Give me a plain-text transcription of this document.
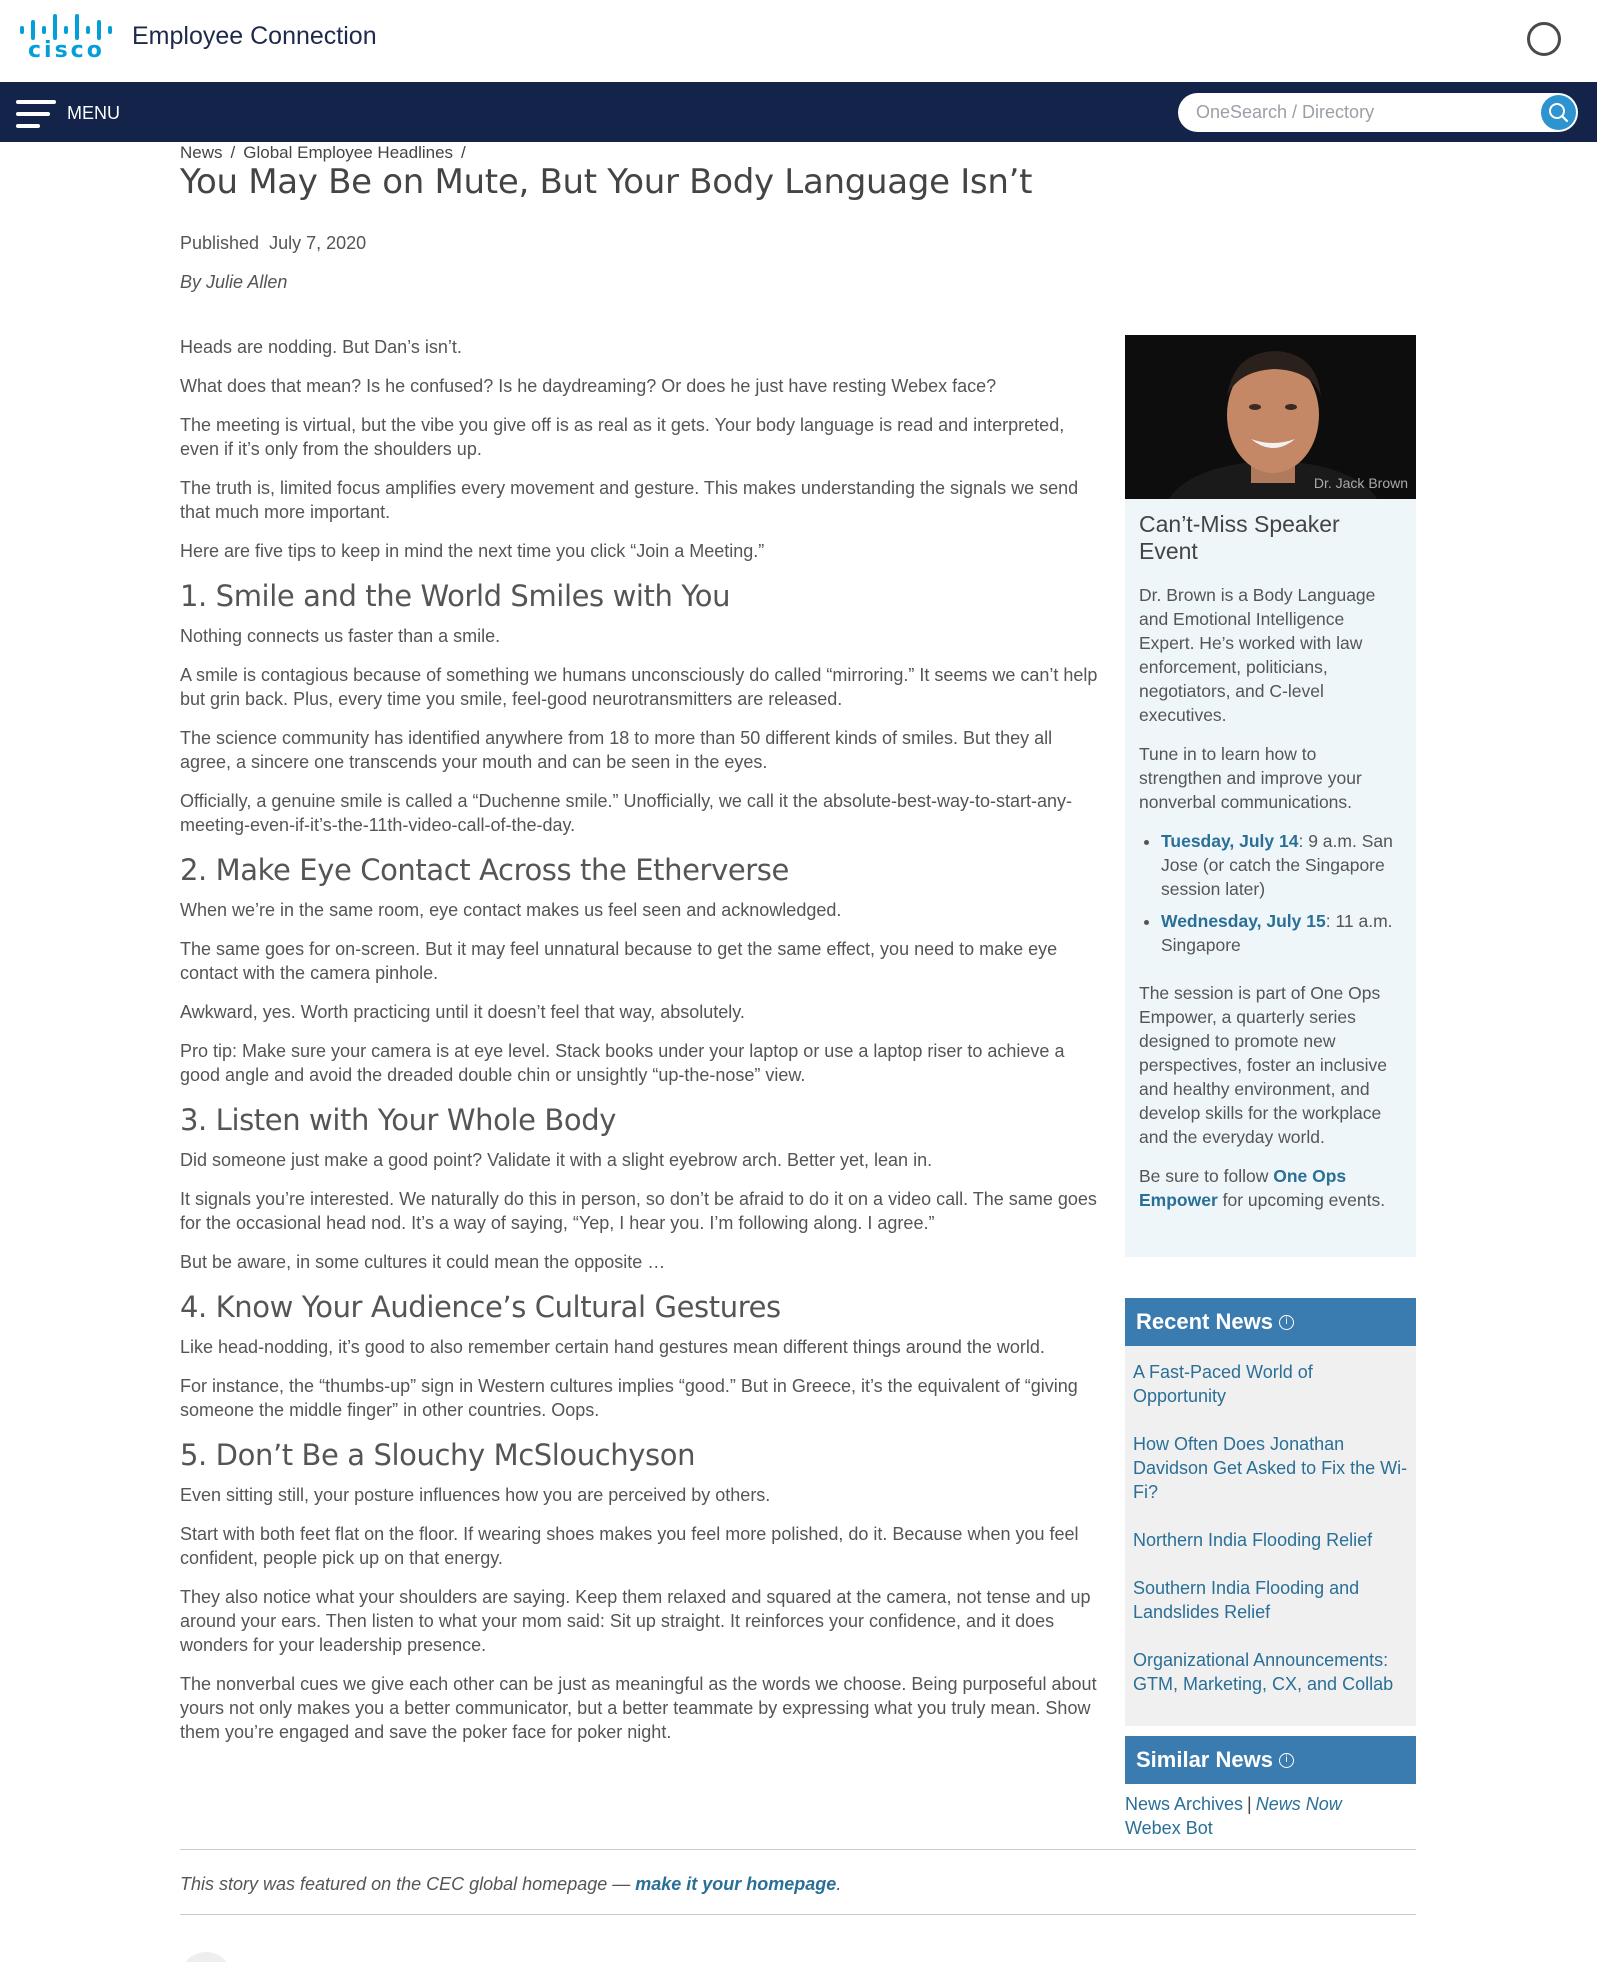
cisco
Employee Connection
MENU
OneSearch / Directory
News / Global Employee Headlines /
You May Be on Mute, But Your Body Language Isn’t
Published July 7, 2020
By Julie Allen

Heads are nodding. But Dan’s isn’t.

What does that mean? Is he confused? Is he daydreaming? Or does he just have resting Webex face?

The meeting is virtual, but the vibe you give off is as real as it gets. Your body language is read and interpreted, even if it’s only from the shoulders up.

The truth is, limited focus amplifies every movement and gesture. This makes understanding the signals we send that much more important.

Here are five tips to keep in mind the next time you click “Join a Meeting.”

1. Smile and the World Smiles with You

Nothing connects us faster than a smile.

A smile is contagious because of something we humans unconsciously do called “mirroring.” It seems we can’t help but grin back. Plus, every time you smile, feel-good neurotransmitters are released.

The science community has identified anywhere from 18 to more than 50 different kinds of smiles. But they all agree, a sincere one transcends your mouth and can be seen in the eyes.

Officially, a genuine smile is called a “Duchenne smile.” Unofficially, we call it the absolute-best-way-to-start-any-meeting-even-if-it’s-the-11th-video-call-of-the-day.

2. Make Eye Contact Across the Etherverse

When we’re in the same room, eye contact makes us feel seen and acknowledged.

The same goes for on-screen. But it may feel unnatural because to get the same effect, you need to make eye contact with the camera pinhole.

Awkward, yes. Worth practicing until it doesn’t feel that way, absolutely.

Pro tip: Make sure your camera is at eye level. Stack books under your laptop or use a laptop riser to achieve a good angle and avoid the dreaded double chin or unsightly “up-the-nose” view.

3. Listen with Your Whole Body

Did someone just make a good point? Validate it with a slight eyebrow arch. Better yet, lean in.

It signals you’re interested. We naturally do this in person, so don’t be afraid to do it on a video call. The same goes for the occasional head nod. It’s a way of saying, “Yep, I hear you. I’m following along. I agree.”

But be aware, in some cultures it could mean the opposite …

4. Know Your Audience’s Cultural Gestures

Like head-nodding, it’s good to also remember certain hand gestures mean different things around the world.

For instance, the “thumbs-up” sign in Western cultures implies “good.” But in Greece, it’s the equivalent of “giving someone the middle finger” in other countries. Oops.

5. Don’t Be a Slouchy McSlouchyson

Even sitting still, your posture influences how you are perceived by others.

Start with both feet flat on the floor. If wearing shoes makes you feel more polished, do it. Because when you feel confident, people pick up on that energy.

They also notice what your shoulders are saying. Keep them relaxed and squared at the camera, not tense and up around your ears. Then listen to what your mom said: Sit up straight. It reinforces your confidence, and it does wonders for your leadership presence.

The nonverbal cues we give each other can be just as meaningful as the words we choose. Being purposeful about yours not only makes you a better communicator, but a better teammate by expressing what you truly mean. Show them you’re engaged and save the poker face for poker night.

Dr. Jack Brown
Can’t-Miss Speaker Event

Dr. Brown is a Body Language and Emotional Intelligence Expert. He’s worked with law enforcement, politicians, negotiators, and C-level executives.

Tune in to learn how to strengthen and improve your nonverbal communications.

• Tuesday, July 14: 9 a.m. San Jose (or catch the Singapore session later)
• Wednesday, July 15: 11 a.m. Singapore

The session is part of One Ops Empower, a quarterly series designed to promote new perspectives, foster an inclusive and healthy environment, and develop skills for the workplace and the everyday world.

Be sure to follow One Ops Empower for upcoming events.

Recent News	i
A Fast-Paced World of Opportunity
How Often Does Jonathan Davidson Get Asked to Fix the Wi-Fi?
Northern India Flooding Relief
Southern India Flooding and Landslides Relief
Organizational Announcements: GTM, Marketing, CX, and Collab
Similar News	i
News Archives | News Now
Webex Bot
This story was featured on the CEC global homepage — make it your homepage.
